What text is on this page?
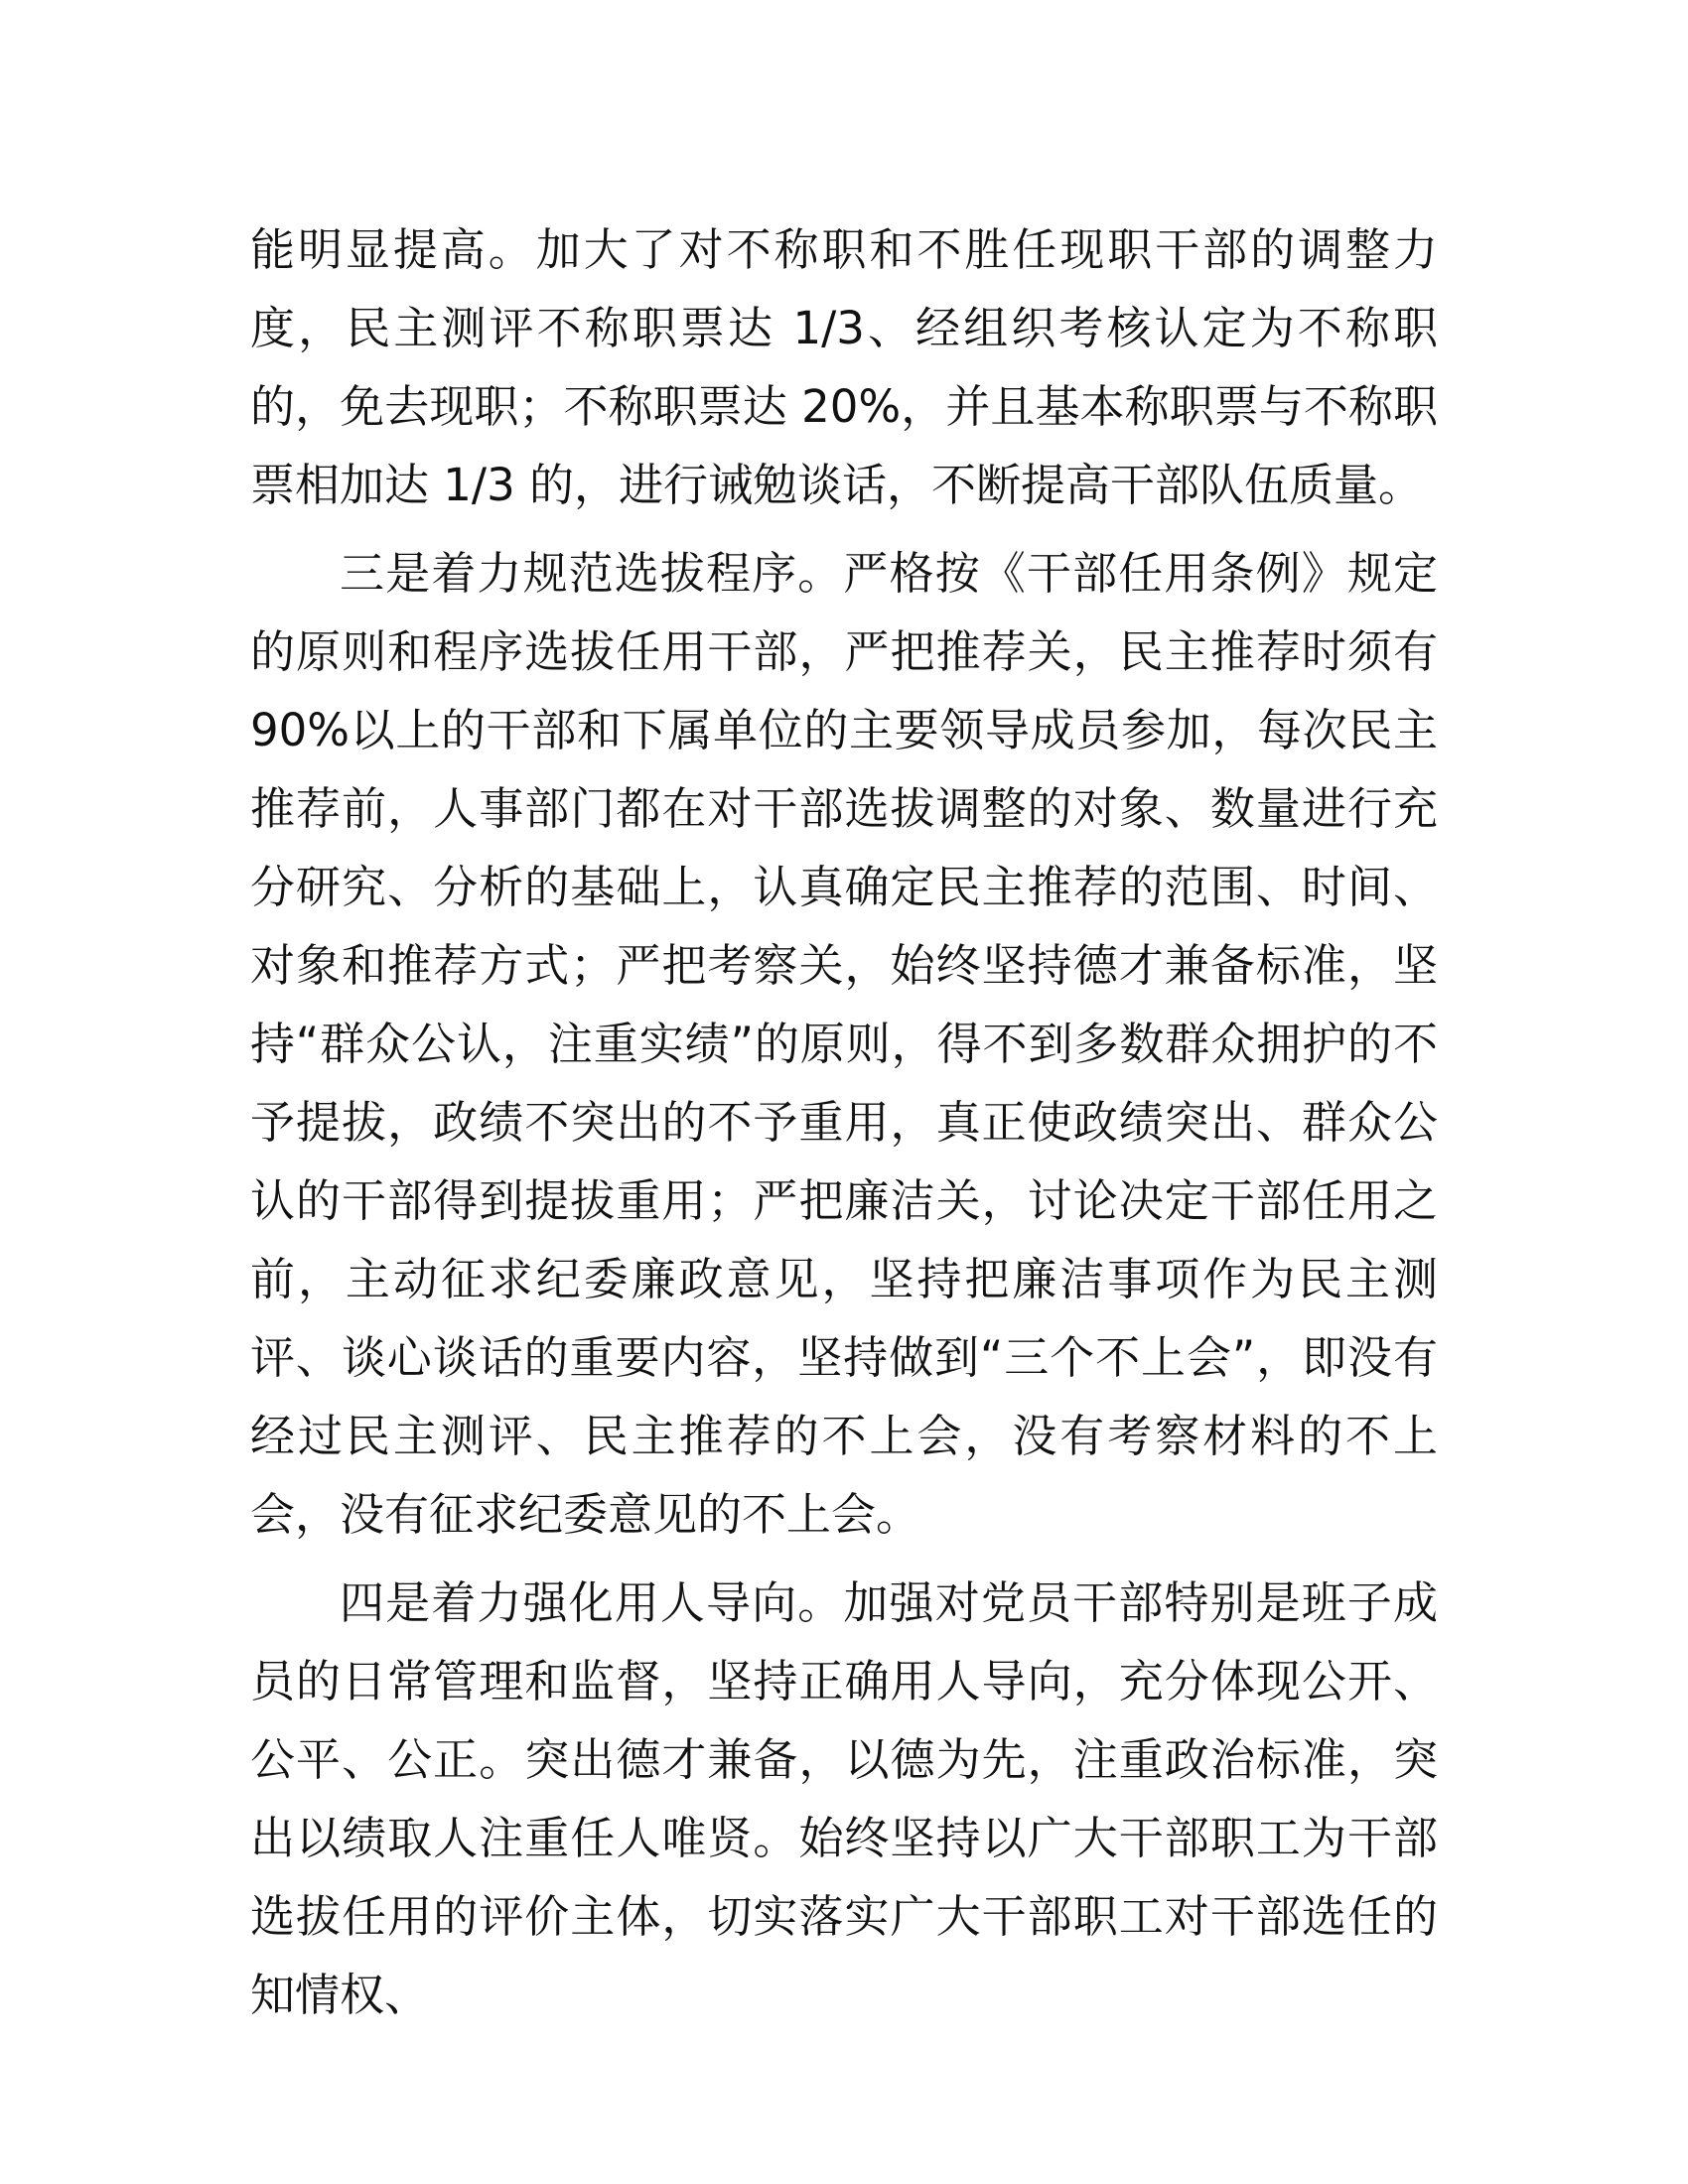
能明显提高。加大了对不称职和不胜任现职干部的调整力度，民主测评不称职票达 1/3、经组织考核认定为不称职的，免去现职；不称职票达 20%，并且基本称职票与不称职票相加达 1/3 的，进行诫勉谈话，不断提高干部队伍质量。

三是着力规范选拔程序。严格按《干部任用条例》规定的原则和程序选拔任用干部，严把推荐关，民主推荐时须有 90%以上的干部和下属单位的主要领导成员参加，每次民主推荐前，人事部门都在对干部选拔调整的对象、数量进行充分研究、分析的基础上，认真确定民主推荐的范围、时间、对象和推荐方式；严把考察关，始终坚持德才兼备标准，坚持“群众公认，注重实绩”的原则，得不到多数群众拥护的不予提拔，政绩不突出的不予重用，真正使政绩突出、群众公认的干部得到提拔重用；严把廉洁关，讨论决定干部任用之前，主动征求纪委廉政意见，坚持把廉洁事项作为民主测评、谈心谈话的重要内容，坚持做到“三个不上会”，即没有经过民主测评、民主推荐的不上会，没有考察材料的不上会，没有征求纪委意见的不上会。

四是着力强化用人导向。加强对党员干部特别是班子成员的日常管理和监督，坚持正确用人导向，充分体现公开、公平、公正。突出德才兼备，以德为先，注重政治标准，突出以绩取人注重任人唯贤。始终坚持以广大干部职工为干部选拔任用的评价主体，切实落实广大干部职工对干部选任的知情权、
